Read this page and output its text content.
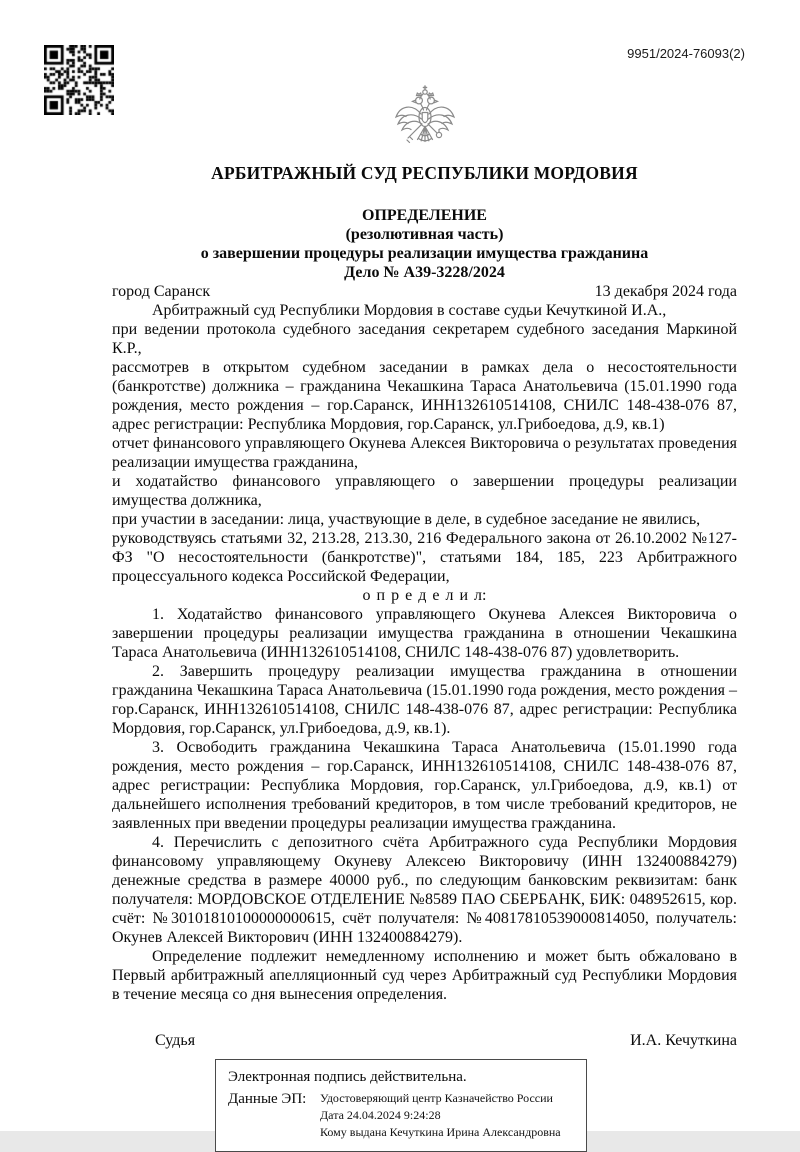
9951/2024-76093(2)

АРБИТРАЖНЫЙ СУД РЕСПУБЛИКИ МОРДОВИЯ

ОПРЕДЕЛЕНИЕ

(резолютивная часть)

о завершении процедуры реализации имущества гражданина

Дело № А39-3228/2024

город Саранск	13 декабря 2024 года

Арбитражный суд Республики Мордовия в составе судьи Кечуткиной И.А.,

при ведении протокола судебного заседания секретарем судебного заседания Маркиной К.Р.,

рассмотрев в открытом судебном заседании в рамках дела о несостоятельности (банкротстве) должника – гражданина Чекашкина Тараса Анатольевича (15.01.1990 года рождения, место рождения – гор.Саранск, ИНН132610514108, СНИЛС 148-438-076 87, адрес регистрации: Республика Мордовия, гор.Саранск, ул.Грибоедова, д.9, кв.1)

отчет финансового управляющего Окунева Алексея Викторовича о результатах проведения реализации имущества гражданина,

и ходатайство финансового управляющего о завершении процедуры реализации имущества должника,

при участии в заседании: лица, участвующие в деле, в судебное заседание не явились,

руководствуясь статьями 32, 213.28, 213.30, 216 Федерального закона от 26.10.2002 №127-ФЗ "О несостоятельности (банкротстве)", статьями 184, 185, 223 Арбитражного процессуального кодекса Российской Федерации,

о п р е д е л и л:

1. Ходатайство финансового управляющего Окунева Алексея Викторовича о завершении процедуры реализации имущества гражданина в отношении Чекашкина Тараса Анатольевича (ИНН132610514108, СНИЛС 148-438-076 87) удовлетворить.

2. Завершить процедуру реализации имущества гражданина в отношении гражданина Чекашкина Тараса Анатольевича (15.01.1990 года рождения, место рождения – гор.Саранск, ИНН132610514108, СНИЛС 148-438-076 87, адрес регистрации: Республика Мордовия, гор.Саранск, ул.Грибоедова, д.9, кв.1).

3. Освободить гражданина Чекашкина Тараса Анатольевича (15.01.1990 года рождения, место рождения – гор.Саранск, ИНН132610514108, СНИЛС 148-438-076 87, адрес регистрации: Республика Мордовия, гор.Саранск, ул.Грибоедова, д.9, кв.1) от дальнейшего исполнения требований кредиторов, в том числе требований кредиторов, не заявленных при введении процедуры реализации имущества гражданина.

4. Перечислить с депозитного счёта Арбитражного суда Республики Мордовия финансовому управляющему Окуневу Алексею Викторовичу (ИНН 132400884279) денежные средства в размере 40000 руб., по следующим банковским реквизитам: банк получателя: МОРДОВСКОЕ ОТДЕЛЕНИЕ №8589 ПАО СБЕРБАНК, БИК: 048952615, кор. счёт: №30101810100000000615, счёт получателя: №40817810539000814050, получатель: Окунев Алексей Викторович (ИНН 132400884279).

Определение подлежит немедленному исполнению и может быть обжаловано в Первый арбитражный апелляционный суд через Арбитражный суд Республики Мордовия в течение месяца со дня вынесения определения.

Судья	И.А. Кечуткина

Электронная подпись действительна.

Данные ЭП:	Удостоверяющий центр Казначейство России

Дата 24.04.2024 9:24:28

Кому выдана Кечуткина Ирина Александровна
